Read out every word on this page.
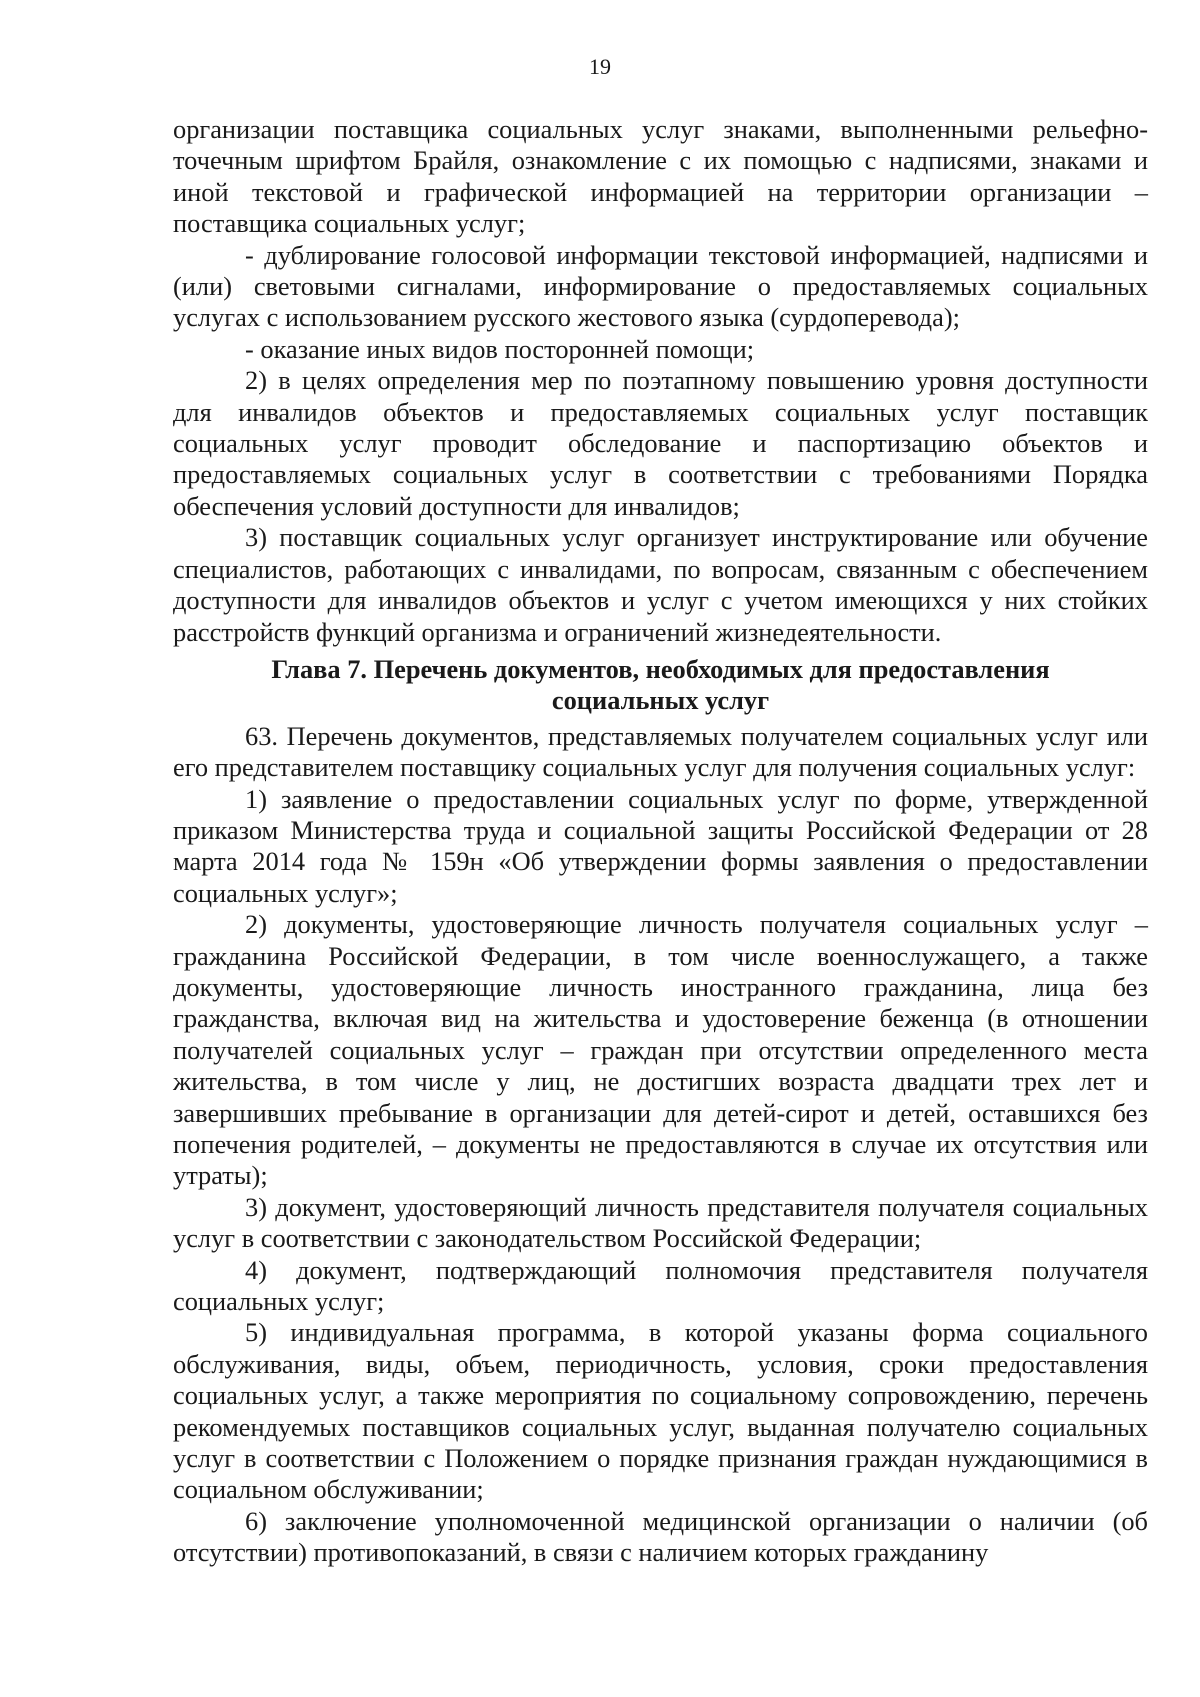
19

организации поставщика социальных услуг знаками, выполненными рельефно-точечным шрифтом Брайля, ознакомление с их помощью с надписями, знаками и иной текстовой и графической информацией на территории организации – поставщика социальных услуг;

- дублирование голосовой информации текстовой информацией, надписями и (или) световыми сигналами, информирование о предоставляемых социальных услугах с использованием русского жестового языка (сурдоперевода);

- оказание иных видов посторонней помощи;

2) в целях определения мер по поэтапному повышению уровня доступности для инвалидов объектов и предоставляемых социальных услуг поставщик социальных услуг проводит обследование и паспортизацию объектов и предоставляемых социальных услуг в соответствии с требованиями Порядка обеспечения условий доступности для инвалидов;

3) поставщик социальных услуг организует инструктирование или обучение специалистов, работающих с инвалидами, по вопросам, связанным с обеспечением доступности для инвалидов объектов и услуг с учетом имеющихся у них стойких расстройств функций организма и ограничений жизнедеятельности.

Глава 7. Перечень документов, необходимых для предоставления
социальных услуг

63. Перечень документов, представляемых получателем социальных услуг или его представителем поставщику социальных услуг для получения социальных услуг:

1) заявление о предоставлении социальных услуг по форме, утвержденной приказом Министерства труда и социальной защиты Российской Федерации от 28 марта 2014 года № 159н «Об утверждении формы заявления о предоставлении социальных услуг»;

2) документы, удостоверяющие личность получателя социальных услуг – гражданина Российской Федерации, в том числе военнослужащего, а также документы, удостоверяющие личность иностранного гражданина, лица без гражданства, включая вид на жительства и удостоверение беженца (в отношении получателей социальных услуг – граждан при отсутствии определенного места жительства, в том числе у лиц, не достигших возраста двадцати трех лет и завершивших пребывание в организации для детей-сирот и детей, оставшихся без попечения родителей, – документы не предоставляются в случае их отсутствия или утраты);

3) документ, удостоверяющий личность представителя получателя социальных услуг в соответствии с законодательством Российской Федерации;

4) документ, подтверждающий полномочия представителя получателя социальных услуг;

5) индивидуальная программа, в которой указаны форма социального обслуживания, виды, объем, периодичность, условия, сроки предоставления социальных услуг, а также мероприятия по социальному сопровождению, перечень рекомендуемых поставщиков социальных услуг, выданная получателю социальных услуг в соответствии с Положением о порядке признания граждан нуждающимися в социальном обслуживании;

6) заключение уполномоченной медицинской организации о наличии (об отсутствии) противопоказаний, в связи с наличием которых гражданину
